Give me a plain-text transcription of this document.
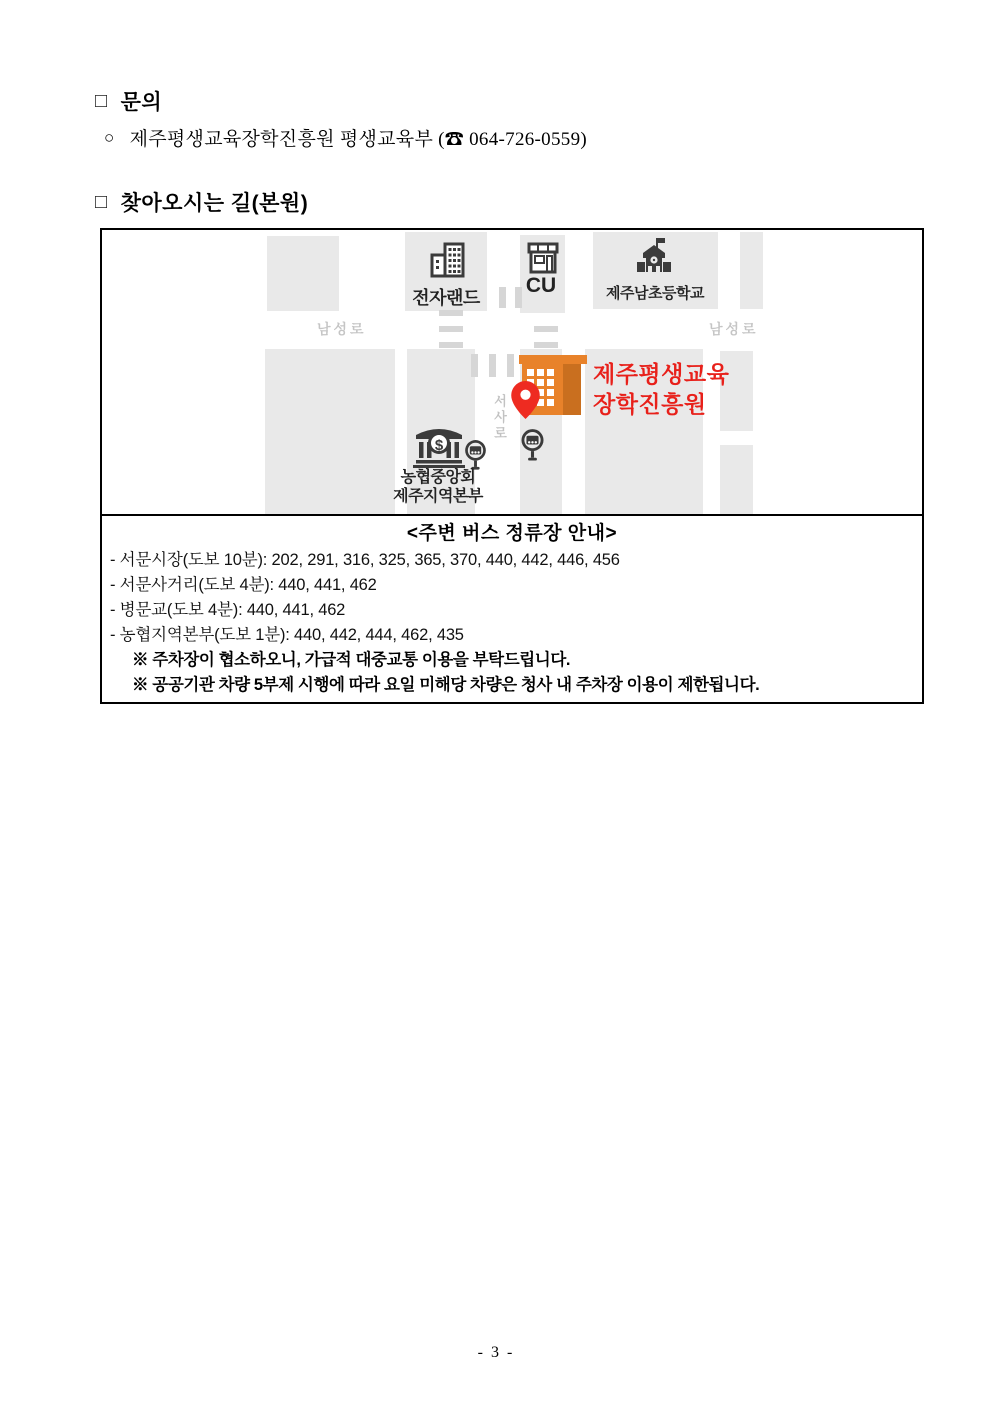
□ 문의
○ 제주평생교육장학진흥원 평생교육부 (☎ 064-726-0559)
□ 찾아오시는 길(본원)
남성로	남성로
서사로
전자랜드
CU	제주남초등학교
제주평생교육
장학진흥원
$
농협중앙회
제주지역본부
<주변 버스 정류장 안내>
- 서문시장(도보 10분): 202, 291, 316, 325, 365, 370, 440, 442, 446, 456
- 서문사거리(도보 4분): 440, 441, 462
- 병문교(도보 4분): 440, 441, 462
- 농협지역본부(도보 1분): 440, 442, 444, 462, 435
※ 주차장이 협소하오니, 가급적 대중교통 이용을 부탁드립니다.
※ 공공기관 차량 5부제 시행에 따라 요일 미해당 차량은 청사 내 주차장 이용이 제한됩니다.
- 3 -
